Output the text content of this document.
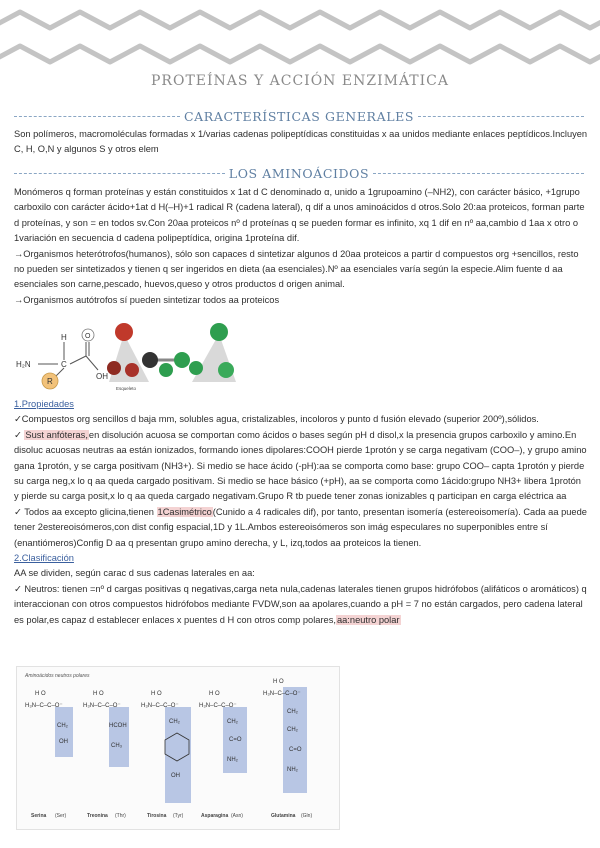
PROTEÍNAS Y ACCIÓN ENZIMÁTICA
CARACTERÍSTICAS GENERALES

Son polímeros, macromoléculas formadas x 1/varias cadenas polipeptídicas constituidas x aa unidos mediante enlaces peptídicos.Incluyen C, H, O,N y algunos S y otros elem

LOS AMINOÁCIDOS

Monómeros q forman proteínas y están constituidos x 1at d C denominado α, unido a 1grupoamino (–NH2), con carácter básico, +1grupo carboxilo con carácter ácido+1at d H(–H)+1 radical R (cadena lateral), q dif a unos aminoácidos d otros.Solo 20:aa proteicos, forman parte d proteínas, y son = en todos sv.Con 20aa proteicos nº d proteínas q se pueden formar es infinito, xq 1 dif en nº aa,cambio d 1aa x otro o 1variación en secuencia d cadena polipeptídica, origina 1proteína dif.

→Organismos heterótrofos(humanos), sólo son capaces d sintetizar algunos d 20aa proteicos a partir d compuestos org +sencillos, resto no pueden ser sintetizados y tienen q ser ingeridos en dieta (aa esenciales).Nº aa esenciales varía según la especie.Alim fuente d aa esenciales son carne,pescado, huevos,queso y otros productos d origen animal.

→Organismos autótrofos sí pueden sintetizar todos aa proteicos

H
H₂N	C
O
OH
R
Esqueleto

1.Propiedades

✓Compuestos org sencillos d baja mm, solubles agua, cristalizables, incoloros y punto d fusión elevado (superior 200º),sólidos.

✓ Sust anfóteras,en disolución acuosa se comportan como ácidos o bases según pH d disol,x la presencia grupos carboxilo y amino.En disoluc acuosas neutras aa están ionizados, formando iones dipolares:COOH pierde 1protón y se carga negativam (COO–), y grupo amino gana 1protón, y se carga positivam (NH3+). Si medio se hace ácido (-pH):aa se comporta como base: grupo COO– capta 1protón y pierde su carga neg,x lo q aa queda cargado positivam. Si medio se hace básico (+pH), aa se comporta como 1ácido:grupo NH3+ libera 1protón y pierde su carga posit,x lo q aa queda cargado negativam.Grupo R tb puede tener zonas ionizables q participan en carga eléctrica aa

✓ Todos aa excepto glicina,tienen 1Casimétrico(Cunido a 4 radicales dif), por tanto, presentan isomería (estereoisomería). Cada aa puede tener 2estereoisómeros,con dist config espacial,1D y 1L.Ambos estereoisómeros son imág especulares no superponibles entre sí (enantiómeros)Config D aa q presentan grupo amino derecha, y L, izq,todos aa proteicos la tienen.

2.Clasificación

AA se dividen, según carac d sus cadenas laterales en aa:

✓ Neutros: tienen =nº d cargas positivas q negativas,carga neta nula,cadenas laterales tienen grupos hidrófobos (alifáticos o aromáticos) q interaccionan con otros compuestos hidrófobos mediante FVDW,son aa apolares,cuando a pH = 7 no están cargados, pero cadena lateral es polar,es capaz d establecer enlaces x puentes d H con otros comp polares,aa:neutro polar

Aminoácidos neutros polares
H O
H₃N–C–C–O⁻
CH₂
OH
Serina (Ser)
H O
H₃N–C–C–O⁻
HCOH
CH₃
Treonina (Thr)
H O
H₃N–C–C–O⁻
CH₂
OH
Tirosina (Tyr)
H O
H₃N–C–C–O⁻
CH₂
C=O
NH₂
Asparagina (Asn)
H O
H₃N–C–C–O⁻
CH₂
CH₂
C=O
NH₂
Glutamina (Gln)
